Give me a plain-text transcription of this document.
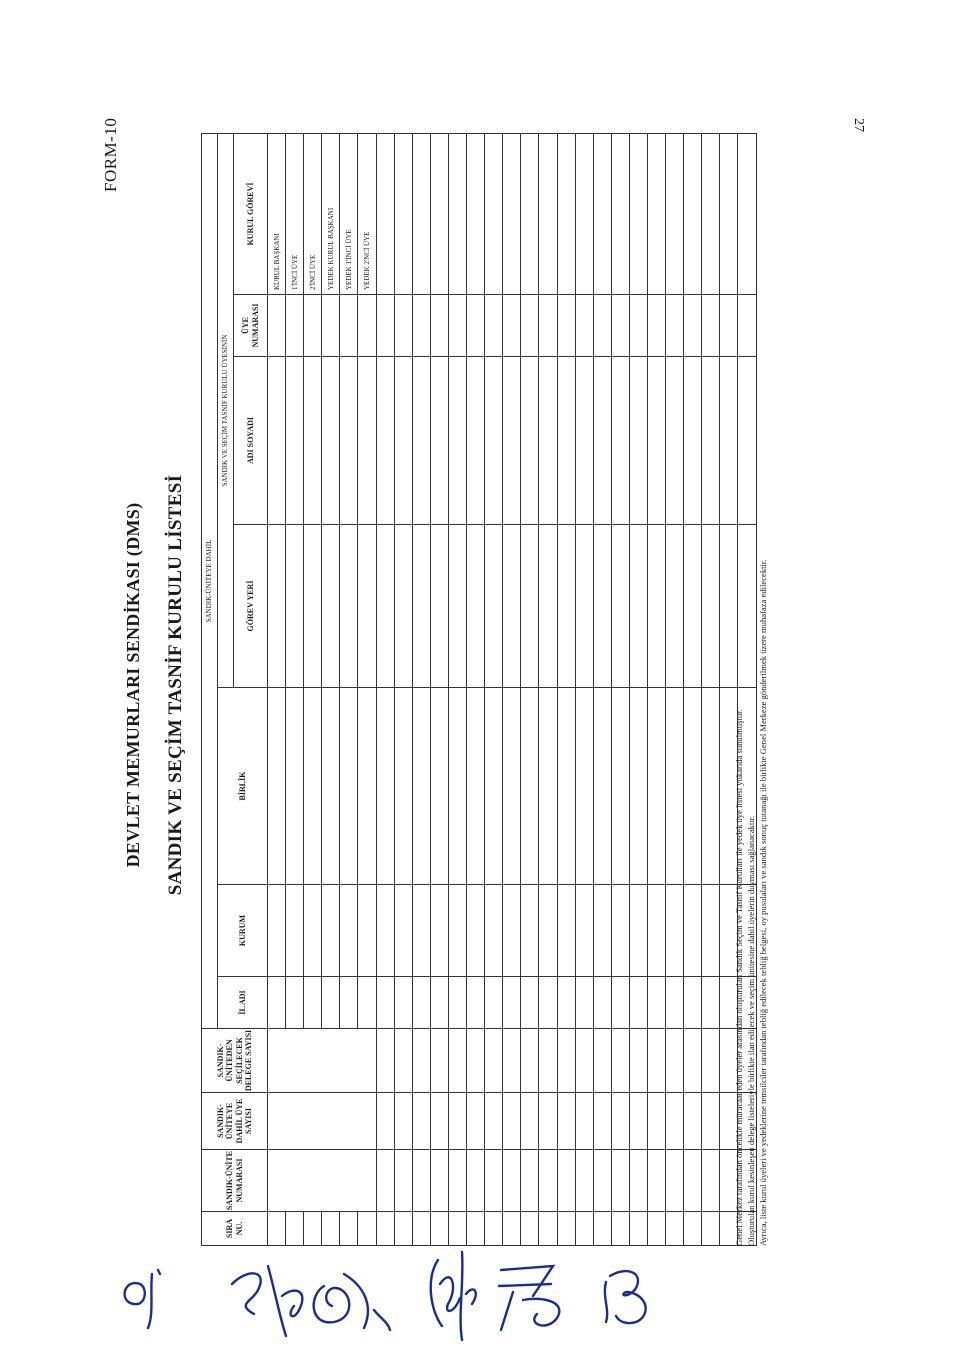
27
FORM-10
DEVLET MEMURLARI SENDİKASI (DMS) SANDIK VE SEÇİM TASNİF KURULU LİSTESİ
SIRA NU.	SANDIK-ÜNİTE NUMARASI	SANDIK-ÜNİTEYE DAHİL ÜYE SAYISI	SANDIK-ÜNİTEDEN SEÇİLECEK DELEGE SAYISI	SANDIK-ÜNİTEYE DAHİL						
				İL ADI	KURUM	BİRLİK	SANDIK VE SEÇİM TASNİF KURULU ÜYESİNİN			
							GÖREV YERİ	ADI SOYADI	ÜYE NUMARASI	KURUL GÖREVİ
										KURUL BAŞKANI
										1'İNCİ ÜYE
										2'İNCİ ÜYE
										YEDEK KURUL BAŞKANI
										YEDEK 1'İNCİ ÜYE
										YEDEK 2'NCİ ÜYE

Genel Merkez tarafından öncelikle müracaat eden üyeler arasından oluşturulan Sandık Seçim ve Tasnif Kurulları ile yedek üye listesi yukarıda sunulmuştur. Oluşturulan kurul kesinleşen delege listeleriyle birlikte ilan edilecek ve seçim ünitesine dahil üyelerin duyması sağlanacaktır. Ayrıca, liste kurul üyeleri ve yedeklerine temsilciler tarafından tebliğ edilecek tebliğ belgesi, oy pusulaları ve sandık sonuç tutanağı ile birlikte Genel Merkeze gönderilmek üzere muhafaza edilecektir.
